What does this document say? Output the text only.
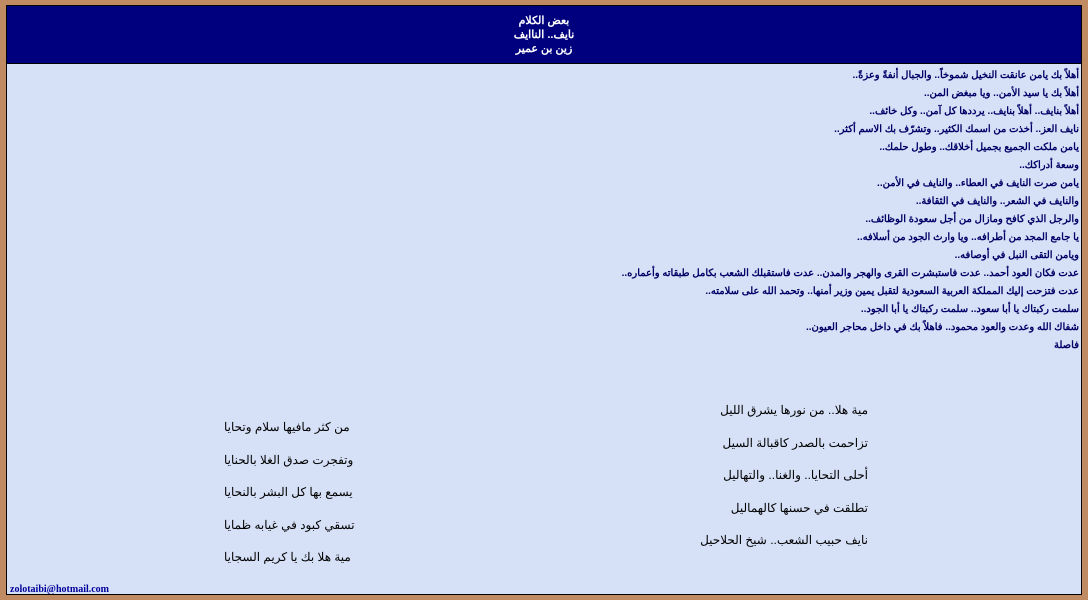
بعض الكلام
نايف.. الناايف
زين بن عمير
أهلاً بك يامن عانقت النخيل شموخاً.. والجبال أنفةً وعزةً..
أهلاً بك يا سيد الأمن.. ويا مبغض المن..
أهلاً بنايف.. أهلاً بنايف.. يرددها كل آمن.. وكل خائف..
نايف العز.. أخذت من اسمك الكثير.. وتشرّف بك الاسم أكثر..
يامن ملكت الجميع بجميل أخلاقك.. وطول حلمك..
وسعة أدراكك..
يامن صرت النايف في العطاء.. والنايف في الأمن..
والنايف في الشعر.. والنايف في الثقافة..
والرجل الذي كافح ومازال من أجل سعودة الوظائف..
يا جامع المجد من أطرافه.. ويا وارث الجود من أسلافه..
ويامن التقى النبل في أوصافه..
عدت فكان العود أحمد.. عدت فاستبشرت القرى والهجر والمدن.. عدت فاستقبلك الشعب بكامل طبقاته وأعماره..
عدت فتزحت إليك المملكة العربية السعودية لتقبل يمين وزير أمنها.. وتحمد الله على سلامته..
سلمت ركبتاك يا أبا سعود.. سلمت ركبتاك يا أبا الجود..
شفاك الله وعدت والعود محمود.. فاهلاً بك في داخل محاجر العيون..
فاصلة
مية هلا.. من نورها يشرق الليل
تزاحمت بالصدر كاقبالة السيل
أحلى التحايا.. والغنا.. والتهاليل
تطلقت في حسنها كالهماليل
نايف حبيب الشعب.. شيخ الحلاحيل
من كثر مافيها سلام وتحايا
وتفجرت صدق الغلا بالحنايا
يسمع بها كل البشر بالنحايا
تسقي كبود في غيابه ظمايا
مية هلا بك يا كريم السجايا
zolotaibi@hotmail.com
